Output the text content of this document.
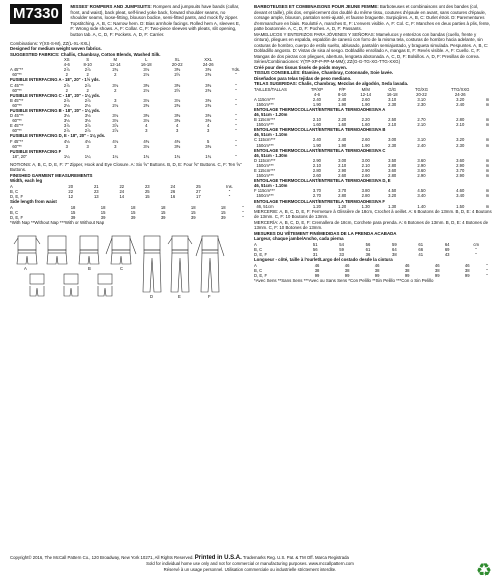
M7330	MISSES' ROMPERS AND JUMPSUITS: Rompers and jumpsuits have bands (collar, front, and waist), back pleat, self-lined yoke back, forward shoulder seams, no shoulder seams, loose-fitting, blouson bodice, semi-fitted pants, and mock fly zipper. Topstitching. A, B, C: Narrow hem. D: Bias armhole facings. Rolled hem A, sleeves E, F: Wrong side shows. A, F: Collar. C, F: Two-piece sleeves with pleats, slit opening, button tab. A, C, D, F: Pockets. A, D, F: Carrier.

Combinations: Y(XS-S-M), ZZ(L-XL-XXL)

Designed for medium weight woven fabrics.

SUGGESTED FABRICS: Challis, Chambray, Cotton Blends, Washed Silk.

	XS	S	M	L	XL	XXL	
	4-6	8-10	12-14	16-18	20-22	24-26	
A 45"**	2⅞	2⅞	2¾	3⅛	3⅜	3⅜	Yds.
60"**	2	2	2	2⅛	2½	2⅜	"
FUSIBLE INTERFACING A - 18", 20" - 1½ yds.							
C 45"**	2⅞	2⅞	3⅛	3⅜	3⅜	3⅜	"
60"**	2	2	2	2⅛	2½	2⅜	"
FUSIBLE INTERFACING C - 18", 20" - 1⅛ yds.							
B 45"**	2⅞	2⅞	3	3⅛	3⅛	3⅜	"
60"**	2⅛	2⅛	2⅛	2⅜	2⅜	2⅜	"
FUSIBLE INTERFACING B - 18", 20" - 1⅛ yds.							
D 45"**	3⅛	3⅛	3⅛	3⅜	3⅜	3⅜	"
60"**	3⅛	3⅛	3⅛	3⅛	3⅜	3⅜	"
E 45"**	3⅞	3⅞	3⅞	4	4	4	"
60"**	2⅞	2⅞	2⅞	3	3	3	"
FUSIBLE INTERFACING D, E - 18", 20" - 1⅛ yds.							
F 45"**	4⅛	4⅛	4⅛	4⅜	4⅜	5	"
60"**	3	3	3	3⅛	3⅜	3⅜	"
FUSIBLE INTERFACING F							
18", 20"	1¼	1¼	1¼	1¾	1¾	1¾	"

NOTIONS: A, B, C, D, E, F: 7" Zipper, Hook and Eye Closure. A: Six ⅝" Buttons. B, D, E: Four ⅝" Buttons. C, F: Ten ⅝" Buttons.

FINISHED GARMENT MEASUREMENTS

Width, each leg

A	20	21	22	23	24	25	Ins.
B, C	22	23	24	25	26	27	"
D, E, F	12	13	14	15	16	17	"

Side length from waist

A	18	18	18	18	18	18	"
B, C	15	15	15	15	15	15	"
D, E, F	39	39	39	39	39	39	"

*With Nap **Without Nap ***With or Without Nap

A	B	C
D	E	F

BARBOTEUSES ET COMBINAISONS POUR JEUNE FEMME: Barboteuses et combinaisons ont des bandes (col, devant et taille), plis dos, empiècement dos doublé du même tissu, coutures d'épaule en avant, sans coutures d'épaule, corsage ample, blouson, pantalon semi-ajusté, et fausse braguette. Surpiqûres. A, B, C: Ourlet étroit. D: Parementures d'emmanchure en biais. Roulotté A, manches E, F: L'envers visible. A, F: Col. C, F: Manches en deux parties à plis, fente, patte boutonnée. A, C, D, F: Poches. A, D, F: Passants.

MAMELUCOS Y ENTERIZOS PARA JÓVENES Y SEÑORAS: Mamelucos y enterizos con bandas (cuello, frente y cintura), pliegues en espalda, espaldón de canesú con forro de la misma tela, costuras de hombro hacia adelante, sin costuras de hombro, cuerpo de estilo suelto, ablusado, pantalón semiajustado, y bragueta simulada. Pespuntes. A, B, C: Dobladillo angosto. D: Vistas de sisa al sesgo. Dobladillo enrollado A, mangas E, F: Revés visible. A, F: Cuello. C, F: Mangas de dos piezas con pliegues, abertura, lengüeta abotonada. A, C, D, F: Bolsillos. A, D, F: Presillas de correa.

Séries/Combinaciones: Y(TP-XP-P-PP-M-MM); ZZ(G-G-TG-XG-TTG-XXG)

Créé pour des tissus tissés de poids moyen.

TISSUS CONSEILLÉS: Étamine, Chambray, Cotonnade, Soie lavée.

Diseñados para telas tejidas de peso mediano.

TELAS SUGERIDAS: Chalís, Chambray, Mezclas de algodón, Seda lavada.

TAILLES/TALLAS	TP/XP	P/P	M/M	G/G	TG/XG	TTG/XXG	
	4-6	8-10	12-14	16-18	20-22	24-26	
A 115cm***	2.40	2.40	2.60	3.10	3.10	3.20	m
150cm***	1.90	1.90	1.90	2.30	2.30	2.40	m
ENTOILAGE THERMOCOLLANT/ENTRETELA TERMOADHESIVA A							
46, 51cm - 1.20m							
B 115cm***	2.10	2.20	2.20	2.50	2.70	2.80	m
150cm***	1.60	1.60	1.60	2.10	2.10	2.10	m
ENTOILAGE THERMOCOLLANT/ENTRETELA TERMOADHESIVA B							
46, 51cm - 1.10m							
C 115cm***	2.40	2.40	2.60	3.00	3.10	3.20	m
150cm***	1.90	1.90	1.90	2.30	2.40	2.30	m
ENTOILAGE THERMOCOLLANT/ENTRETELA TERMOADHESIVA C							
46, 51cm - 1.30m							
D 115cm***	2.90	3.00	3.00	3.50	3.60	3.60	m
150cm***	2.10	2.10	2.10	2.80	2.90	2.90	m
E 115cm***	2.80	2.90	2.90	3.60	3.60	3.70	m
150cm***	2.60	2.60	2.60	2.80	2.90	2.90	m
ENTOILAGE THERMOCOLLANT/ENTRETELA TERMOADHESIVA D, E							
46, 51cm - 1.10m							
F 115cm***	3.70	3.70	3.80	4.50	4.50	4.60	m
150cm***	2.70	2.80	2.80	3.20	3.40	3.40	m
ENTOILAGE THERMOCOLLANT/ENTRETELA TERMOADHESIVA F							
46, 51cm	1.20	1.20	1.30	1.30	1.40	1.50	m

MERCERIE: A, B, C, D, E, F: Fermeture à Glissière de 18cm, Crochet à oeillet. A: 6 Boutons de 13mm. B, D, E: 4 Boutons de 13mm. C, F: 10 Boutons de 13mm.

MERCERÍA: A, B, C, D, E, F: Cremallera de 18cm, Corchete para prenda. A: 6 Botones de 13mm. B, D, E: 4 Botones de 13mm. C, F: 10 Botones de 13mm.

MESURES DU VÊTEMENT FINI/MEDIDAS DE LA PRENDA ACABADA

Largeur, chaque jambe/Ancho, cada pierna

A	51	54	56	59	61	64	cm
B, C	56	59	61	64	66	69	"
D, E, F	31	33	36	38	41	43	"

Longueur - côté, taille à l'ourlet/Largo del costado desde la cintura

A	46	46	46	46	46	46	"
B, C	38	38	38	38	38	38	"
D, E, F	99	99	99	99	99	99	"

*Avec Sens **Sans Sens ***Avec ou Sans Sens *Con Pelillo **Sin Pelillo ***Con o Sin Pelillo

Copyright© 2016, The McCall Pattern Co., 120 Broadway, New York 10271, All Rights Reserved. Printed in U.S.A. Trademarks Reg. U.S. Pat. & TM Off. Marca Registrada
Sold for individual home use only and not for commercial or manufacturing purposes. www.mccallpattern.com
Réservé à un usage personnel. Utilisation commerciale ou industrielle strictement interdite.	♻
